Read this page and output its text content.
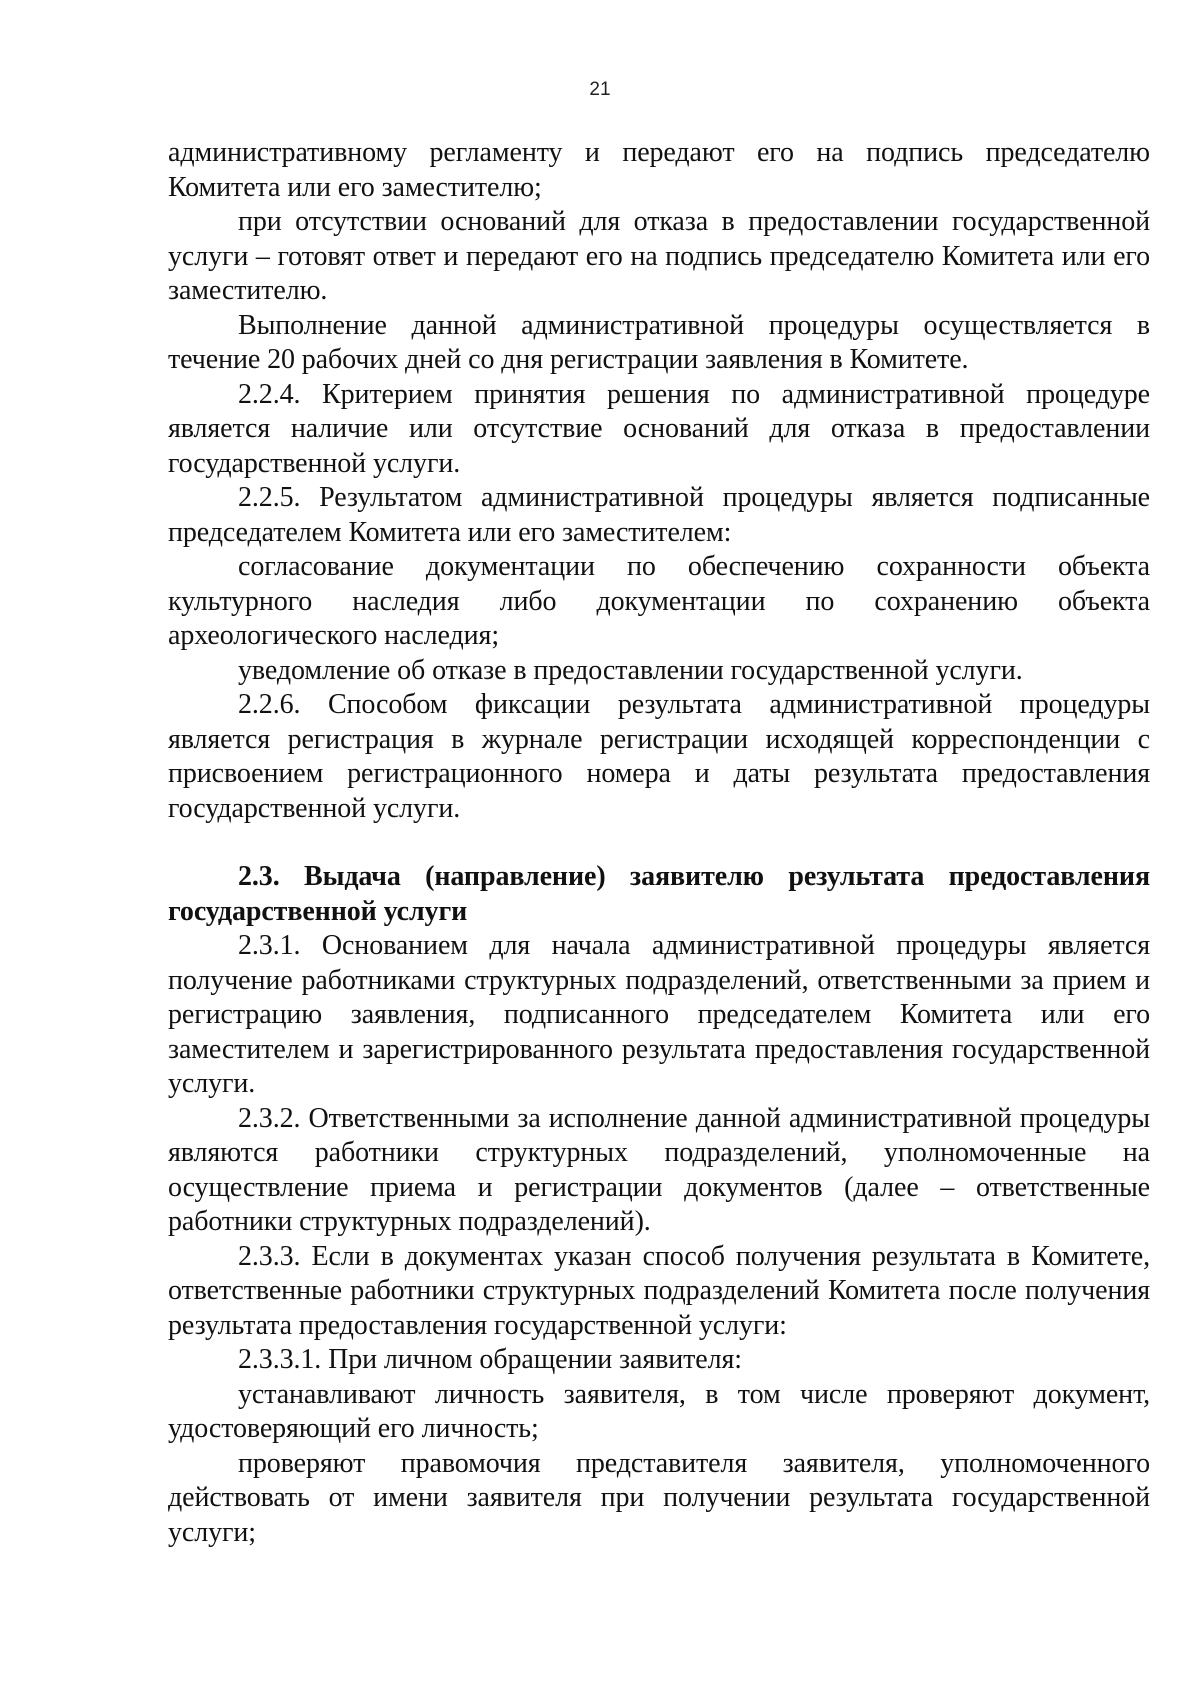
21

административному регламенту и передают его на подпись председателю Комитета или его заместителю;

при отсутствии оснований для отказа в предоставлении государственной услуги – готовят ответ и передают его на подпись председателю Комитета или его заместителю.

Выполнение данной административной процедуры осуществляется в течение 20 рабочих дней со дня регистрации заявления в Комитете.

2.2.4. Критерием принятия решения по административной процедуре является наличие или отсутствие оснований для отказа в предоставлении государственной услуги.

2.2.5. Результатом административной процедуры является подписанные председателем Комитета или его заместителем:

согласование документации по обеспечению сохранности объекта культурного наследия либо документации по сохранению объекта археологического наследия;

уведомление об отказе в предоставлении государственной услуги.

2.2.6. Способом фиксации результата административной процедуры является регистрация в журнале регистрации исходящей корреспонденции с присвоением регистрационного номера и даты результата предоставления государственной услуги.

2.3. Выдача (направление) заявителю результата предоставления государственной услуги

2.3.1. Основанием для начала административной процедуры является получение работниками структурных подразделений, ответственными за прием и регистрацию заявления, подписанного председателем Комитета или его заместителем и зарегистрированного результата предоставления государственной услуги.

2.3.2. Ответственными за исполнение данной административной процедуры являются работники структурных подразделений, уполномоченные на осуществление приема и регистрации документов (далее – ответственные работники структурных подразделений).

2.3.3. Если в документах указан способ получения результата в Комитете, ответственные работники структурных подразделений Комитета после получения результата предоставления государственной услуги:

2.3.3.1. При личном обращении заявителя:

устанавливают личность заявителя, в том числе проверяют документ, удостоверяющий его личность;

проверяют правомочия представителя заявителя, уполномоченного действовать от имени заявителя при получении результата государственной услуги;
